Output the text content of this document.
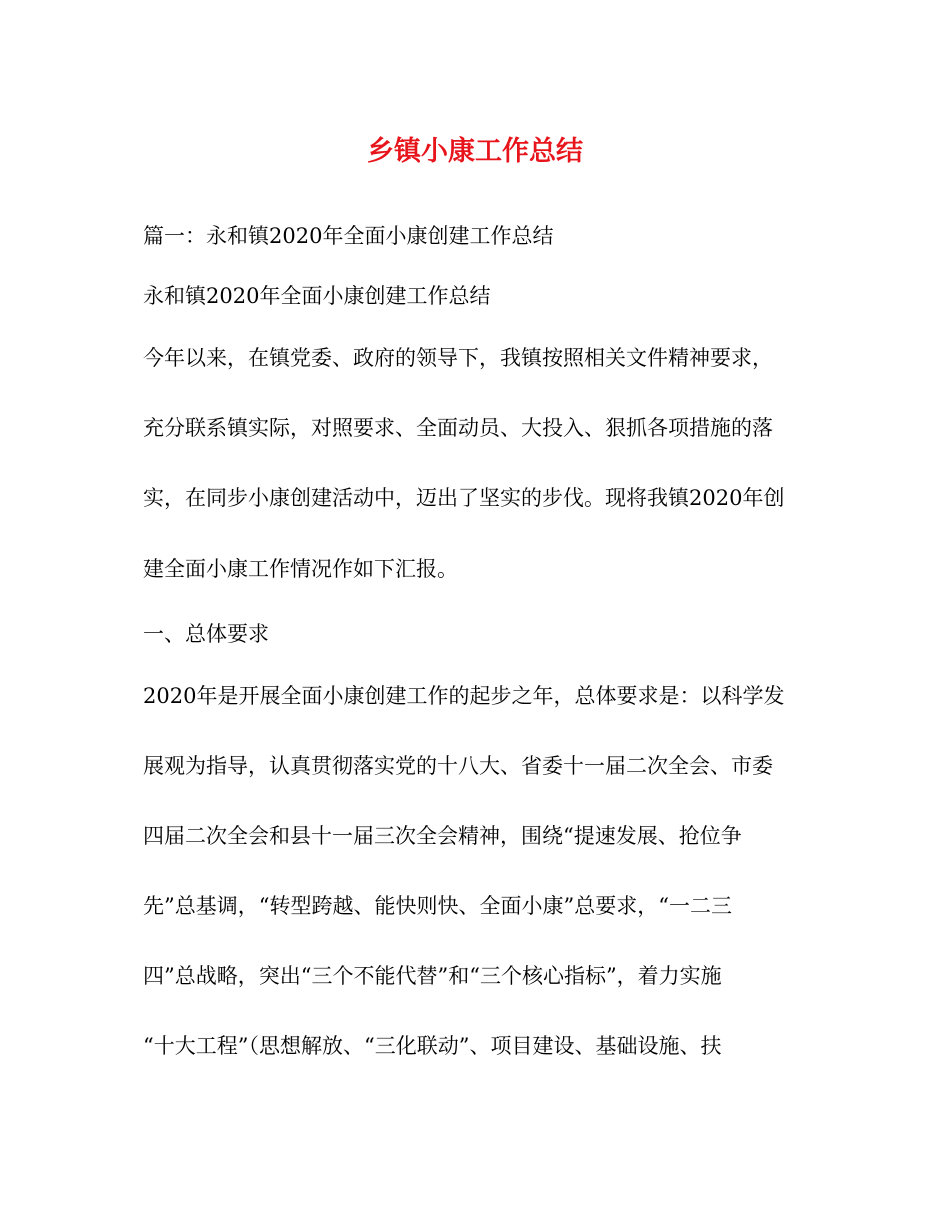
乡镇小康工作总结
篇一：永和镇2020年全面小康创建工作总结
永和镇2020年全面小康创建工作总结
今年以来，在镇党委、政府的领导下，我镇按照相关文件精神要求，
充分联系镇实际，对照要求、全面动员、大投入、狠抓各项措施的落
实，在同步小康创建活动中，迈出了坚实的步伐。现将我镇2020年创
建全面小康工作情况作如下汇报。
一、总体要求
2020年是开展全面小康创建工作的起步之年，总体要求是：以科学发
展观为指导，认真贯彻落实党的十八大、省委十一届二次全会、市委
四届二次全会和县十一届三次全会精神，围绕“提速发展、抢位争
先”总基调，“转型跨越、能快则快、全面小康”总要求，“一二三
四”总战略，突出“三个不能代替”和“三个核心指标”，着力实施
“十大工程”（思想解放、“三化联动”、项目建设、基础设施、扶
